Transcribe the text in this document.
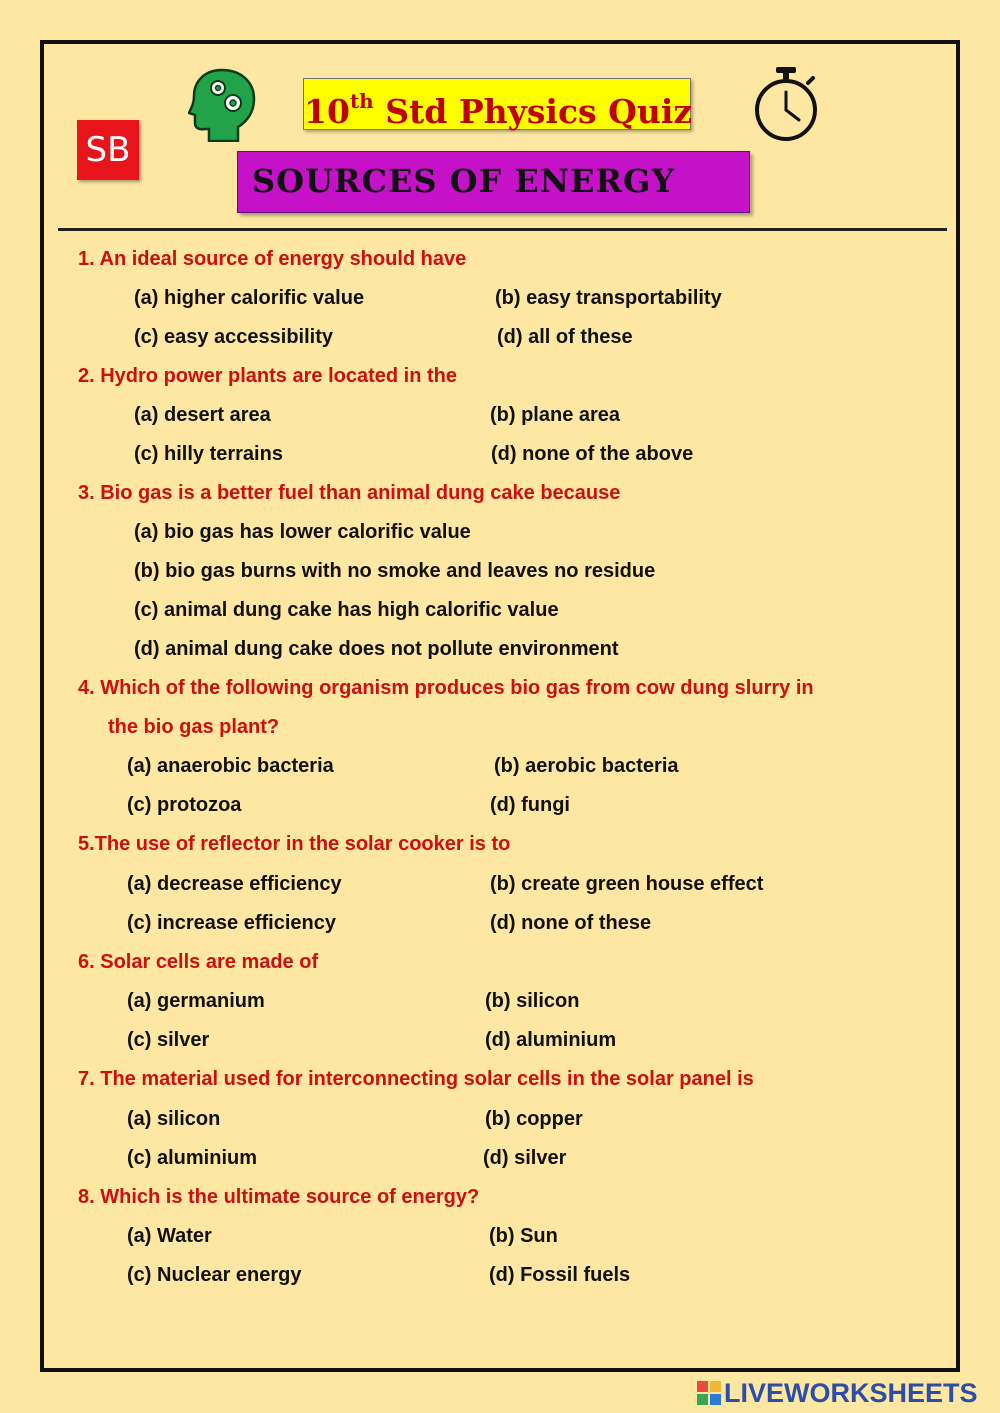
SB
10th Std Physics Quiz
SOURCES OF ENERGY
1. An ideal source of energy should have
(a) higher calorific value	(b) easy transportability
(c) easy accessibility	(d) all of these
2. Hydro power plants are located in the
(a) desert area	(b) plane area
(c) hilly terrains	(d) none of the above
3. Bio gas is a better fuel than animal dung cake because
(a) bio gas has lower calorific value
(b) bio gas burns with no smoke and leaves no residue
(c) animal dung cake has high calorific value
(d) animal dung cake does not pollute environment
4. Which of the following organism produces bio gas from cow dung slurry in
the bio gas plant?
(a) anaerobic bacteria	(b) aerobic bacteria
(c) protozoa	(d) fungi
5.The use of reflector in the solar cooker is to
(a) decrease efficiency	(b) create green house effect
(c) increase efficiency	(d) none of these
6. Solar cells are made of
(a) germanium	(b) silicon
(c) silver	(d) aluminium
7. The material used for interconnecting solar cells in the solar panel is
(a) silicon	(b) copper
(c) aluminium	(d) silver
8. Which is the ultimate source of energy?
(a) Water	(b) Sun
(c) Nuclear energy	(d) Fossil fuels
LIVEWORKSHEETS
